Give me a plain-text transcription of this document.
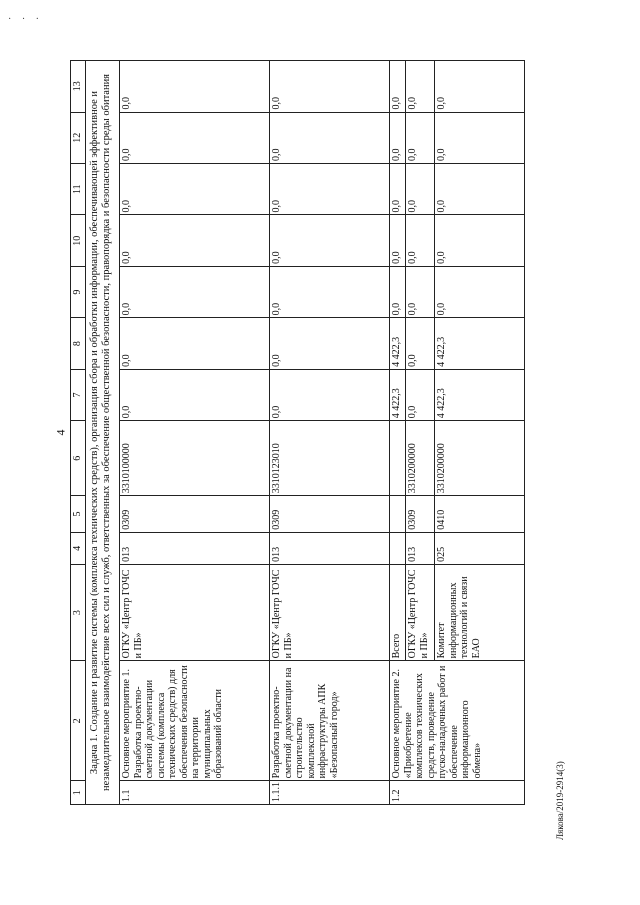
· · ·
4
Лякова/2019-2914(3)
1	2	3	4	5	6	7	8	9	10	11	12	13
Задача 1. Создание и развитие системы (комплекса технических средств), организация сбора и обработки информации, обеспечивающей эффективное и незамедлительное взаимодействие всех сил и служб, ответственных за обеспечение общественной безопасности, правопорядка и безопасности среды обитания												
1.1	Основное мероприятие 1. Разработка проектно-сметной документации системы (комплекса технических средств) для обеспечения безопасности на территории муниципальных образований области	ОГКУ «Центр ГОЧС и ПБ»	013	0309	3310100000	0,0	0,0	0,0	0,0	0,0	0,0	0,0
1.1.1	Разработка проектно-сметной документации на строительство комплексной инфраструктуры АПК «Безопасный город»	ОГКУ «Центр ГОЧС и ПБ»	013	0309	3310123010	0,0	0,0	0,0	0,0	0,0	0,0	0,0
1.2	Основное мероприятие 2. «Приобретение комплексов технических средств, проведение пуско-наладочных работ и обеспечение информационного обмена»	Всего				4 422,3	4 422,3	0,0	0,0	0,0	0,0	0,0
		ОГКУ «Центр ГОЧС и ПБ»	013	0309	3310200000	0,0	0,0	0,0	0,0	0,0	0,0	0,0
		Комитет информационных технологий и связи ЕАО	025	0410	3310200000	4 422,3	4 422,3	0,0	0,0	0,0	0,0	0,0
